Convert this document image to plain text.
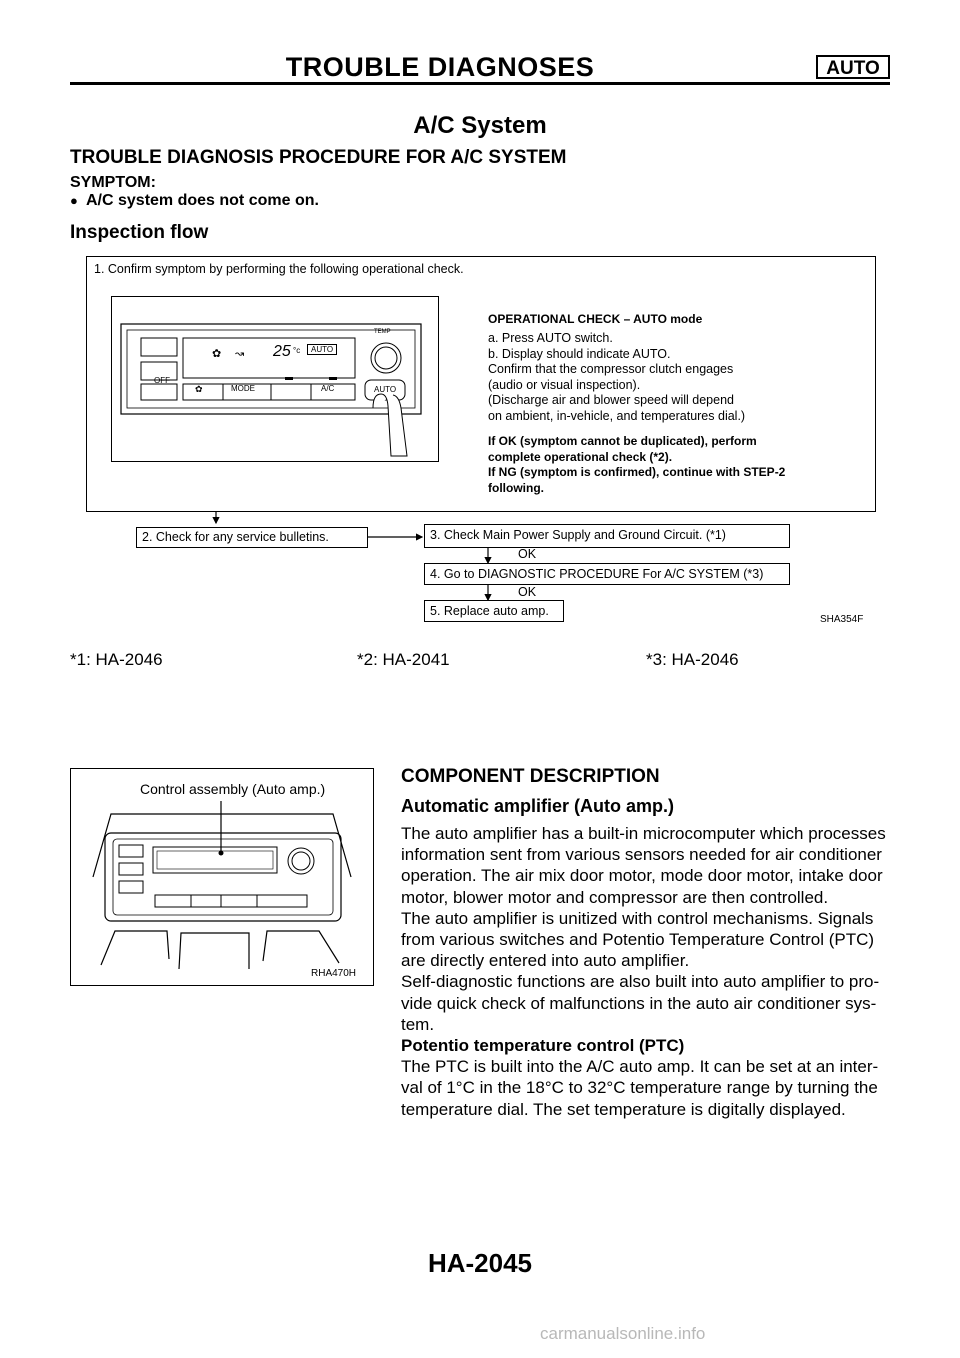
TROUBLE DIAGNOSES	AUTO
A/C System
TROUBLE DIAGNOSIS PROCEDURE FOR A/C SYSTEM
SYMPTOM:
● A/C system does not come on.
Inspection flow
1. Confirm symptom by performing the following operational check.
OFF
✿ ↝ 25 °c	AUTO
TEMP
✿	MODE	A/C	AUTO
OPERATIONAL CHECK – AUTO mode
a. Press AUTO switch.
b. Display should indicate AUTO.
Confirm that the compressor clutch engages
(audio or visual inspection).
(Discharge air and blower speed will depend
on ambient, in-vehicle, and temperatures dial.)
If OK (symptom cannot be duplicated), perform
complete operational check (*2).
If NG (symptom is confirmed), continue with STEP-2
following.
2. Check for any service bulletins.	3. Check Main Power Supply and Ground Circuit. (*1)
OK
4. Go to DIAGNOSTIC PROCEDURE For A/C SYSTEM (*3)
OK
5. Replace auto amp.
SHA354F
*1: HA-2046	*2: HA-2041	*3: HA-2046
Control assembly (Auto amp.)
RHA470H
COMPONENT DESCRIPTION
Automatic amplifier (Auto amp.)
The auto amplifier has a built-in microcomputer which processes
information sent from various sensors needed for air conditioner
operation. The air mix door motor, mode door motor, intake door
motor, blower motor and compressor are then controlled.
The auto amplifier is unitized with control mechanisms. Signals
from various switches and Potentio Temperature Control (PTC)
are directly entered into auto amplifier.
Self-diagnostic functions are also built into auto amplifier to pro-
vide quick check of malfunctions in the auto air conditioner sys-
tem.
Potentio temperature control (PTC)
The PTC is built into the A/C auto amp. It can be set at an inter-
val of 1°C in the 18°C to 32°C temperature range by turning the
temperature dial. The set temperature is digitally displayed.
HA-2045
carmanualsonline.info
